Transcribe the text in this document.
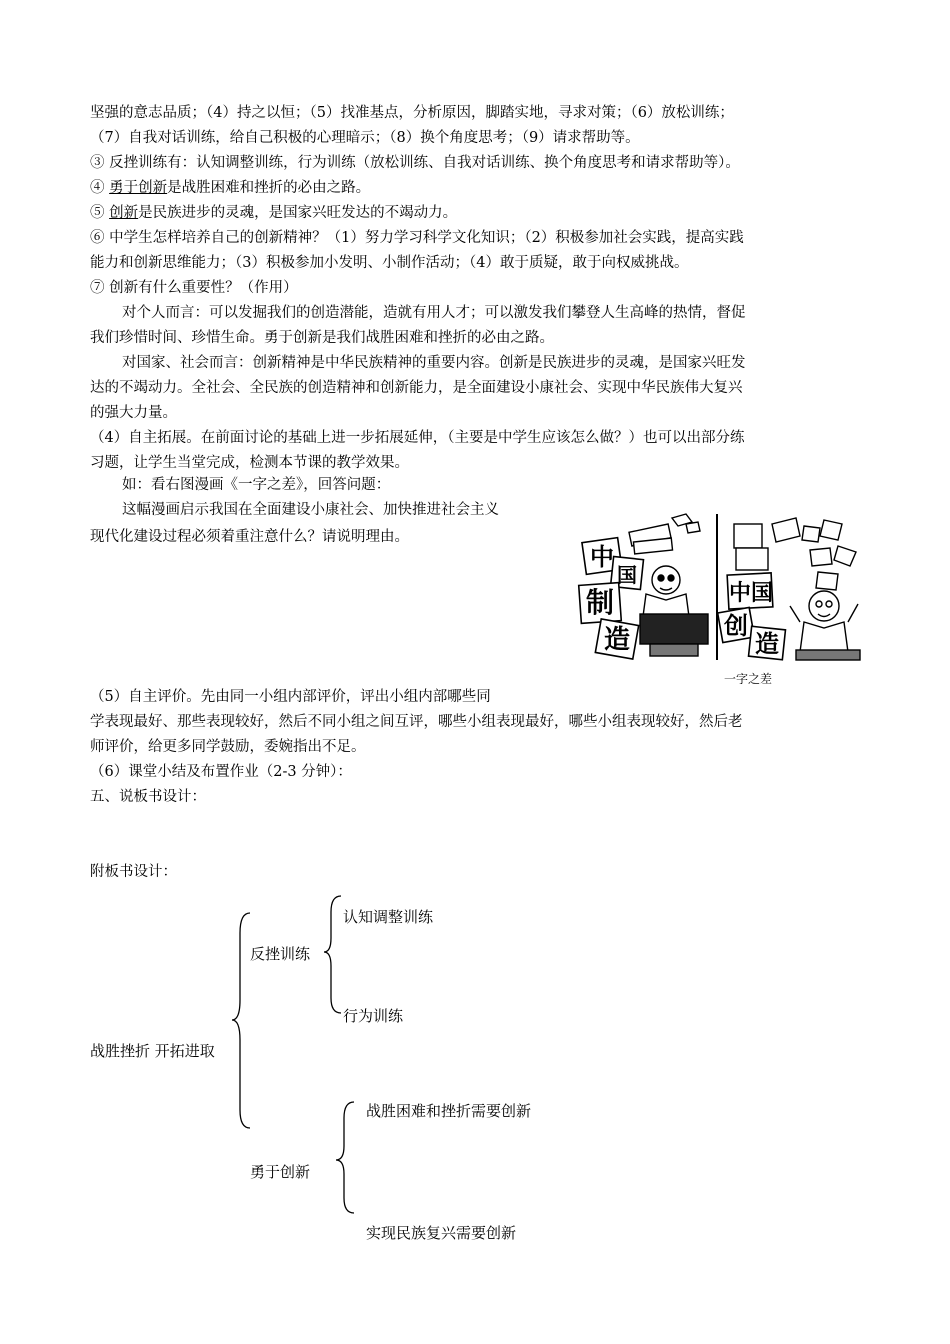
坚强的意志品质；（4）持之以恒；（5）找准基点，分析原因，脚踏实地，寻求对策；（6）放松训练；
（7）自我对话训练，给自己积极的心理暗示；（8）换个角度思考；（9）请求帮助等。
③ 反挫训练有：认知调整训练，行为训练（放松训练、自我对话训练、换个角度思考和请求帮助等）。
④ 勇于创新是战胜困难和挫折的必由之路。
⑤ 创新是民族进步的灵魂，是国家兴旺发达的不竭动力。
⑥ 中学生怎样培养自己的创新精神？（1）努力学习科学文化知识；（2）积极参加社会实践，提高实践
能力和创新思维能力；（3）积极参加小发明、小制作活动；（4）敢于质疑，敢于向权威挑战。
⑦ 创新有什么重要性？（作用）
对个人而言：可以发掘我们的创造潜能，造就有用人才；可以激发我们攀登人生高峰的热情，督促
我们珍惜时间、珍惜生命。勇于创新是我们战胜困难和挫折的必由之路。
对国家、社会而言：创新精神是中华民族精神的重要内容。创新是民族进步的灵魂，是国家兴旺发
达的不竭动力。全社会、全民族的创造精神和创新能力，是全面建设小康社会、实现中华民族伟大复兴
的强大力量。
（4）自主拓展。在前面讨论的基础上进一步拓展延伸，（主要是中学生应该怎么做？）也可以出部分练
习题，让学生当堂完成，检测本节课的教学效果。
如：看右图漫画《一字之差》，回答问题：
这幅漫画启示我国在全面建设小康社会、加快推进社会主义
现代化建设过程必须着重注意什么？请说明理由。
（5）自主评价。先由同一小组内部评价，评出小组内部哪些同
学表现最好、那些表现较好，然后不同小组之间互评，哪些小组表现最好，哪些小组表现较好，然后老
师评价，给更多同学鼓励，委婉指出不足。
（6）课堂小结及布置作业（2-3 分钟）：
五、说板书设计：
附板书设计：
中
国
制
造
中 国
创
造
一字之差
战胜挫折 开拓进取
反挫训练
认知调整训练
行为训练
勇于创新
战胜困难和挫折需要创新
实现民族复兴需要创新
